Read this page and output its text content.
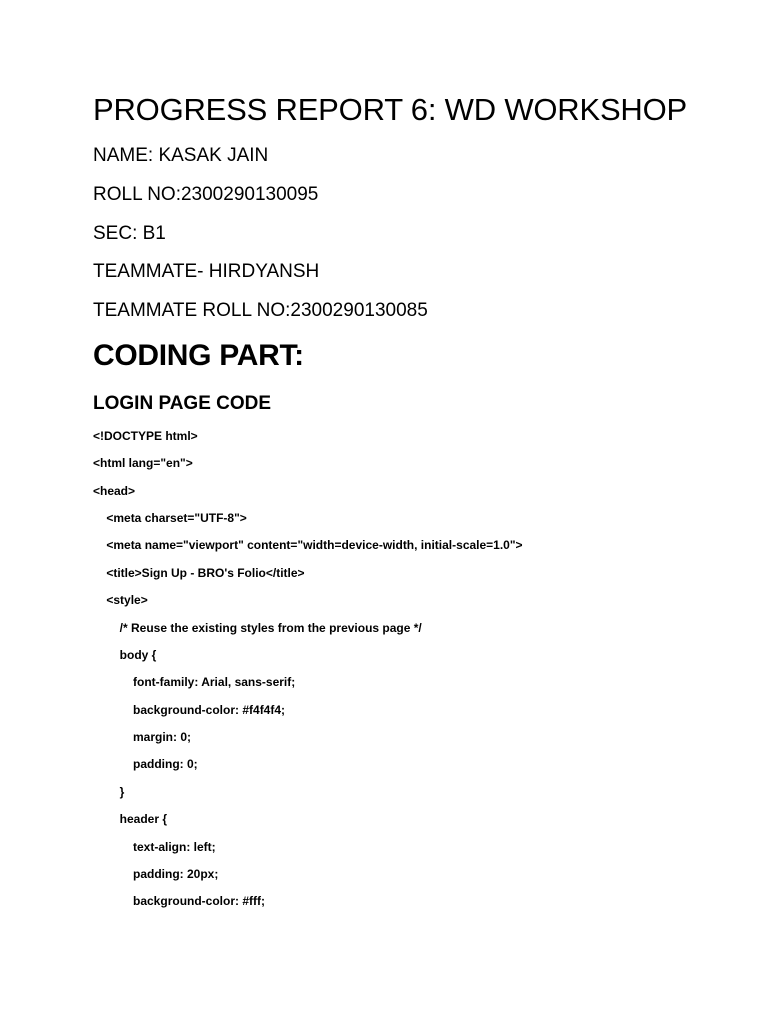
PROGRESS REPORT 6: WD WORKSHOP
NAME: KASAK JAIN
ROLL NO:2300290130095
SEC: B1
TEAMMATE- HIRDYANSH
TEAMMATE ROLL NO:2300290130085
CODING PART:
LOGIN PAGE CODE
<!DOCTYPE html>
<html lang="en">
<head>
<meta charset="UTF-8">
<meta name="viewport" content="width=device-width, initial-scale=1.0">
<title>Sign Up - BRO's Folio</title>
<style>
/* Reuse the existing styles from the previous page */
body {
font-family: Arial, sans-serif;
background-color: #f4f4f4;
margin: 0;
padding: 0;
}
header {
text-align: left;
padding: 20px;
background-color: #fff;
